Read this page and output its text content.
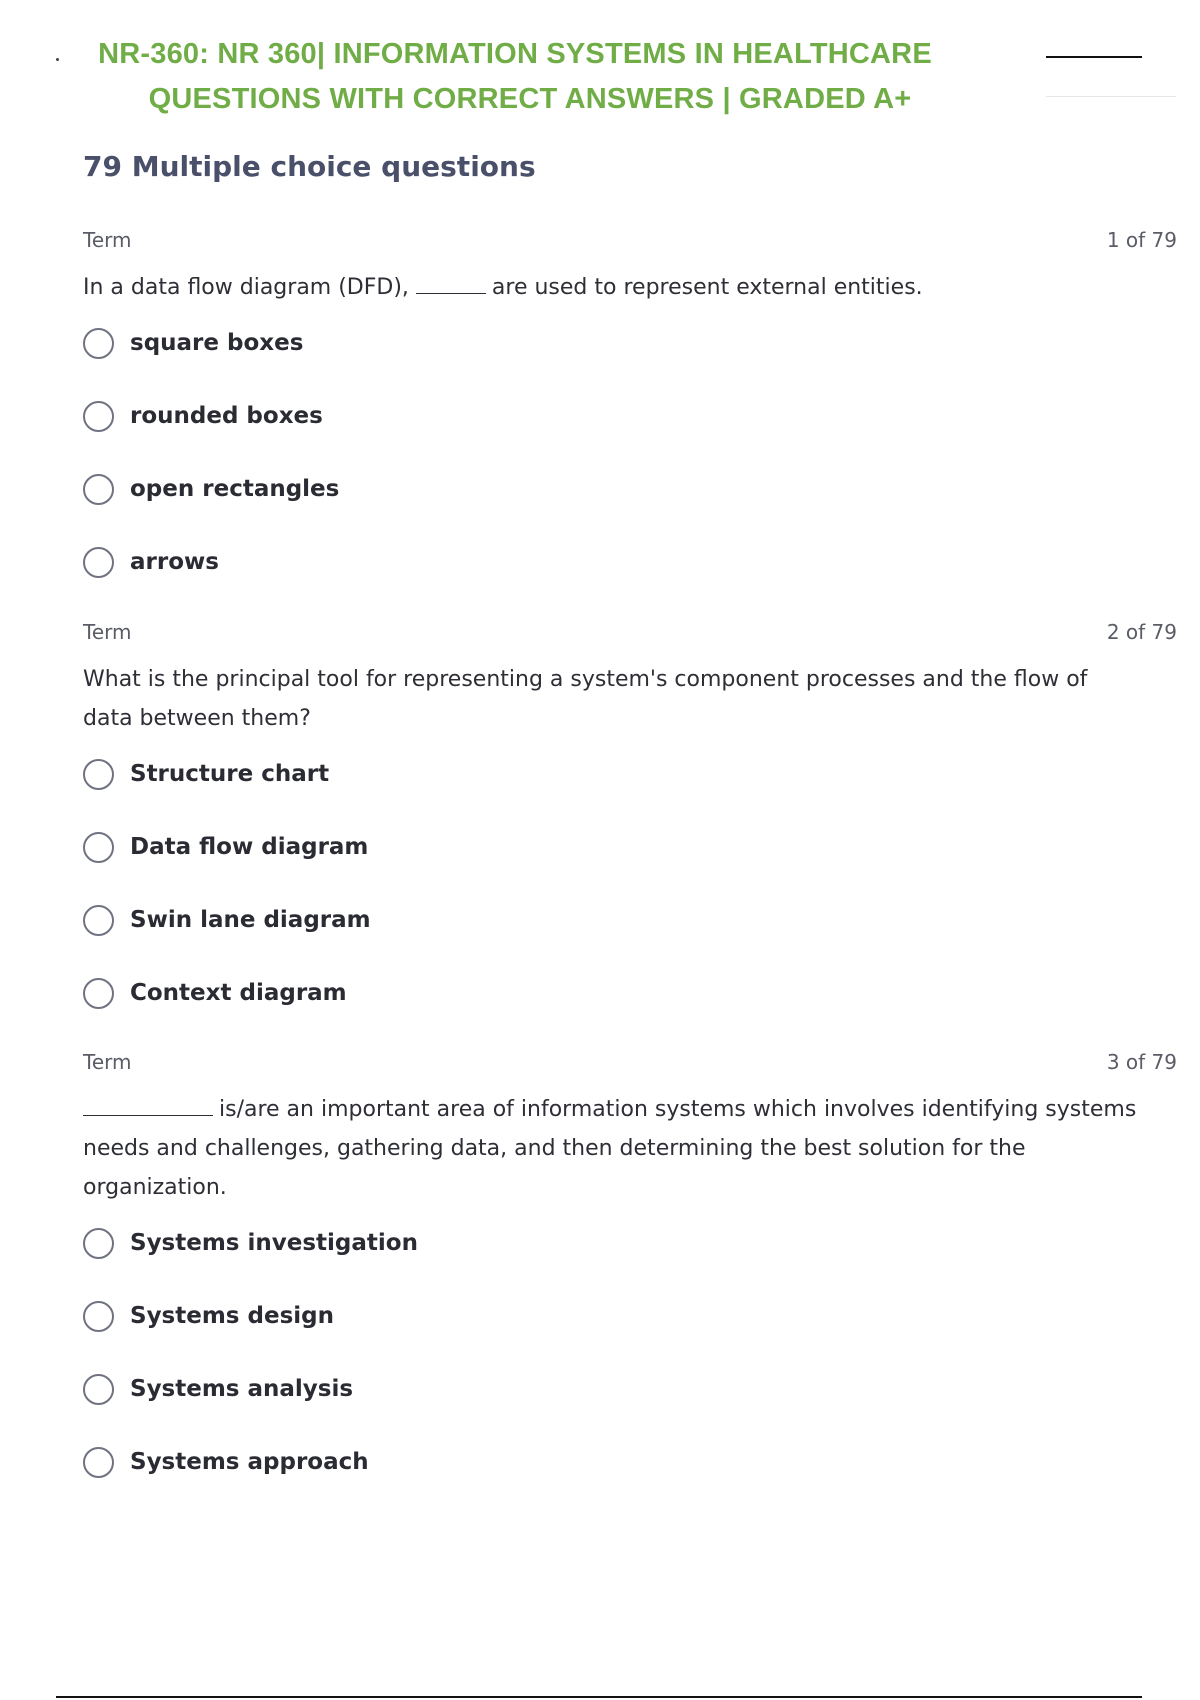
NR-360: NR 360| INFORMATION SYSTEMS IN HEALTHCARE
QUESTIONS WITH CORRECT ANSWERS | GRADED A+
79 Multiple choice questions
Term	1 of 79
In a data flow diagram (DFD),	are used to represent external entities.
square boxes
rounded boxes
open rectangles
arrows
Term	2 of 79
What is the principal tool for representing a system's component processes and the flow of data between them?
Structure chart
Data flow diagram
Swin lane diagram
Context diagram
Term	3 of 79
is/are an important area of information systems which involves identifying systems needs and challenges, gathering data, and then determining the best solution for the organization.
Systems investigation
Systems design
Systems analysis
Systems approach
